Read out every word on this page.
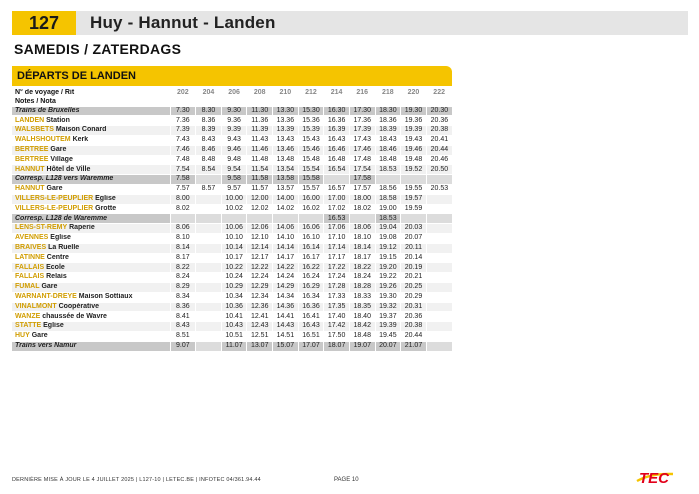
127	Huy - Hannut - Landen
SAMEDIS / ZATERDAGS
DÉPARTS DE LANDEN
N° de voyage / Rit	202	204	206	208	210	212	214	216	218	220	222
Notes / Nota											
Trains de Bruxelles	7.30	8.30	9.30	11.30	13.30	15.30	16.30	17.30	18.30	19.30	20.30
LANDEN Station	7.36	8.36	9.36	11.36	13.36	15.36	16.36	17.36	18.36	19.36	20.36
WALSBETS Maison Conard	7.39	8.39	9.39	11.39	13.39	15.39	16.39	17.39	18.39	19.39	20.38
WALHSHOUTEM Kerk	7.43	8.43	9.43	11.43	13.43	15.43	16.43	17.43	18.43	19.43	20.41
BERTRÉE Gare	7.46	8.46	9.46	11.46	13.46	15.46	16.46	17.46	18.46	19.46	20.44
BERTRÉE Village	7.48	8.48	9.48	11.48	13.48	15.48	16.48	17.48	18.48	19.48	20.46
HANNUT Hôtel de Ville	7.54	8.54	9.54	11.54	13.54	15.54	16.54	17.54	18.53	19.52	20.50
Corresp. L128 vers Waremme	7.58		9.58	11.58	13.58	15.58		17.58			
HANNUT Gare	7.57	8.57	9.57	11.57	13.57	15.57	16.57	17.57	18.56	19.55	20.53
VILLERS-LE-PEUPLIER Eglise	8.00		10.00	12.00	14.00	16.00	17.00	18.00	18.58	19.57	
VILLERS-LE-PEUPLIER Grotte	8.02		10.02	12.02	14.02	16.02	17.02	18.02	19.00	19.59	
Corresp. L128 de Waremme							16.53		18.53		
LENS-ST-REMY Raperie	8.06		10.06	12.06	14.06	16.06	17.06	18.06	19.04	20.03	
AVENNES Eglise	8.10		10.10	12.10	14.10	16.10	17.10	18.10	19.08	20.07	
BRAIVES La Ruelle	8.14		10.14	12.14	14.14	16.14	17.14	18.14	19.12	20.11	
LATINNE Centre	8.17		10.17	12.17	14.17	16.17	17.17	18.17	19.15	20.14	
FALLAIS Ecole	8.22		10.22	12.22	14.22	16.22	17.22	18.22	19.20	20.19	
FALLAIS Relais	8.24		10.24	12.24	14.24	16.24	17.24	18.24	19.22	20.21	
FUMAL Gare	8.29		10.29	12.29	14.29	16.29	17.28	18.28	19.26	20.25	
WARNANT-DREYE Maison Sottiaux	8.34		10.34	12.34	14.34	16.34	17.33	18.33	19.30	20.29	
VINALMONT Coopérative	8.36		10.36	12.36	14.36	16.36	17.35	18.35	19.32	20.31	
WANZE chaussée de Wavre	8.41		10.41	12.41	14.41	16.41	17.40	18.40	19.37	20.36	
STATTE Eglise	8.43		10.43	12.43	14.43	16.43	17.42	18.42	19.39	20.38	
HUY Gare	8.51		10.51	12.51	14.51	16.51	17.50	18.48	19.45	20.44	
Trains vers Namur	9.07		11.07	13.07	15.07	17.07	18.07	19.07	20.07	21.07	
DERNIÈRE MISE À JOUR LE 4 JUILLET 2025 | L127-10 | LETEC.BE | INFOTEC 04/361.94.44	PAGE 10	TEC
